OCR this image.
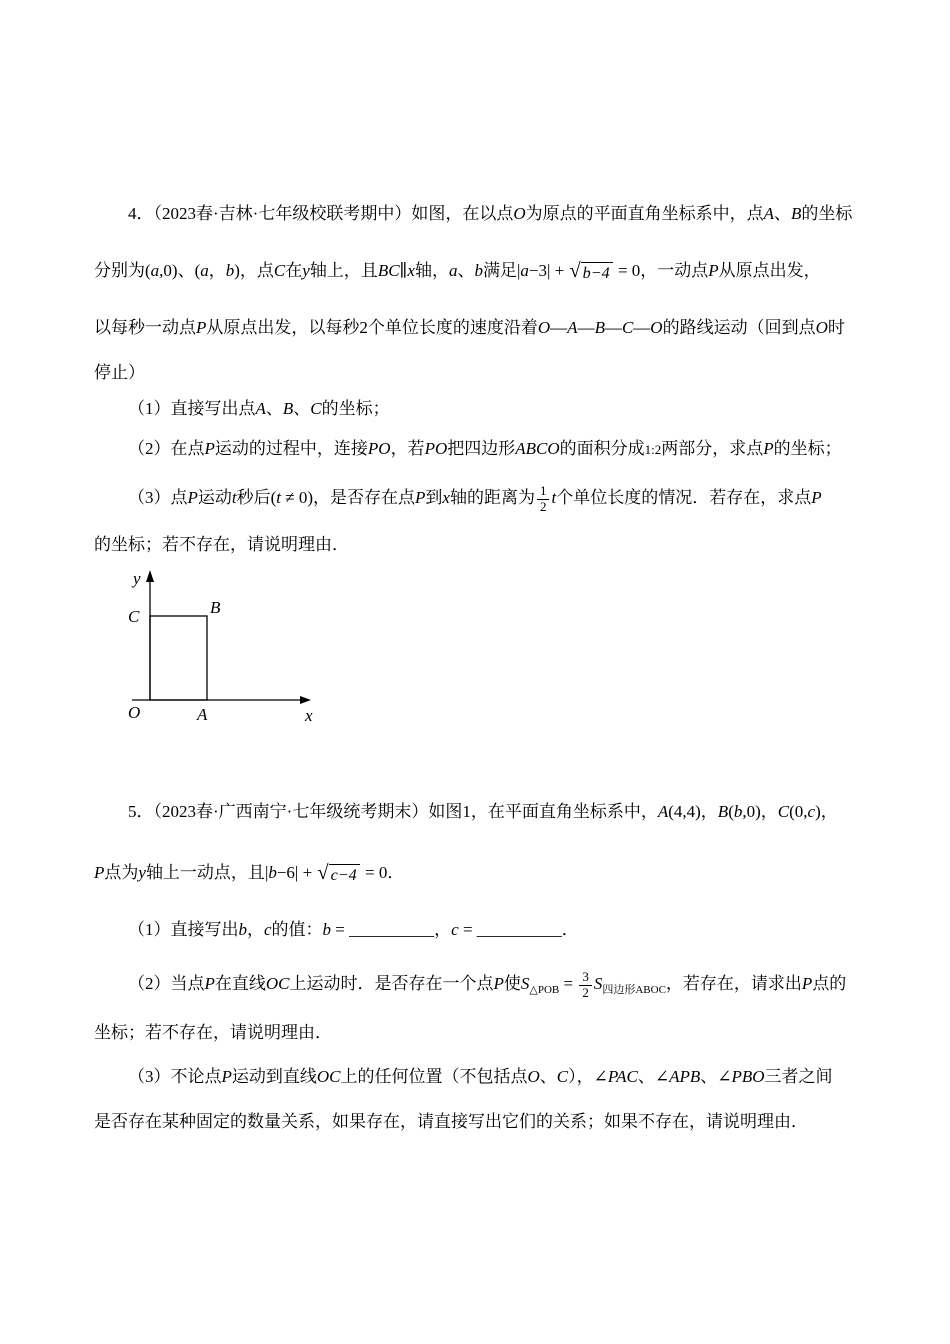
4．（2023春·吉林·七年级校联考期中）如图，在以点O为原点的平面直角坐标系中，点A、B的坐标
分别为(a,0)、(a，b)，点C在y轴上，且BC∥x轴，a、b满足|a−3| + √ b−4 = 0，一动点P从原点出发，
以每秒一动点P从原点出发，以每秒2个单位长度的速度沿着O—A—B—C—O的路线运动（回到点O时
停止）
（1）直接写出点A、B、C的坐标；
（2）在点P运动的过程中，连接PO，若PO把四边形ABCO的面积分成1:2两部分，求点P的坐标；
（3）点P运动t秒后(t ≠ 0)，是否存在点P到x轴的距离为 $\frac{1}{2}$ t个单位长度的情况．若存在，求点P
的坐标；若不存在，请说明理由．
y
C	B
O	A	x
5．（2023春·广西南宁·七年级统考期末）如图1，在平面直角坐标系中，A(4,4)，B(b,0)，C(0,c)，
P点为y轴上一动点，且|b−6| + √ c−4 = 0．
（1）直接写出b，c的值：b = __________，c = __________．
（2）当点P在直线OC上运动时．是否存在一个点P使$S_{\triangle POB} = \frac{3}{2} S_{四边形ABOC}$，若存在，请求出P点的
坐标；若不存在，请说明理由．
（3）不论点P运动到直线OC上的任何位置（不包括点O、C），∠PAC、∠APB、∠PBO三者之间
是否存在某种固定的数量关系，如果存在，请直接写出它们的关系；如果不存在，请说明理由．
